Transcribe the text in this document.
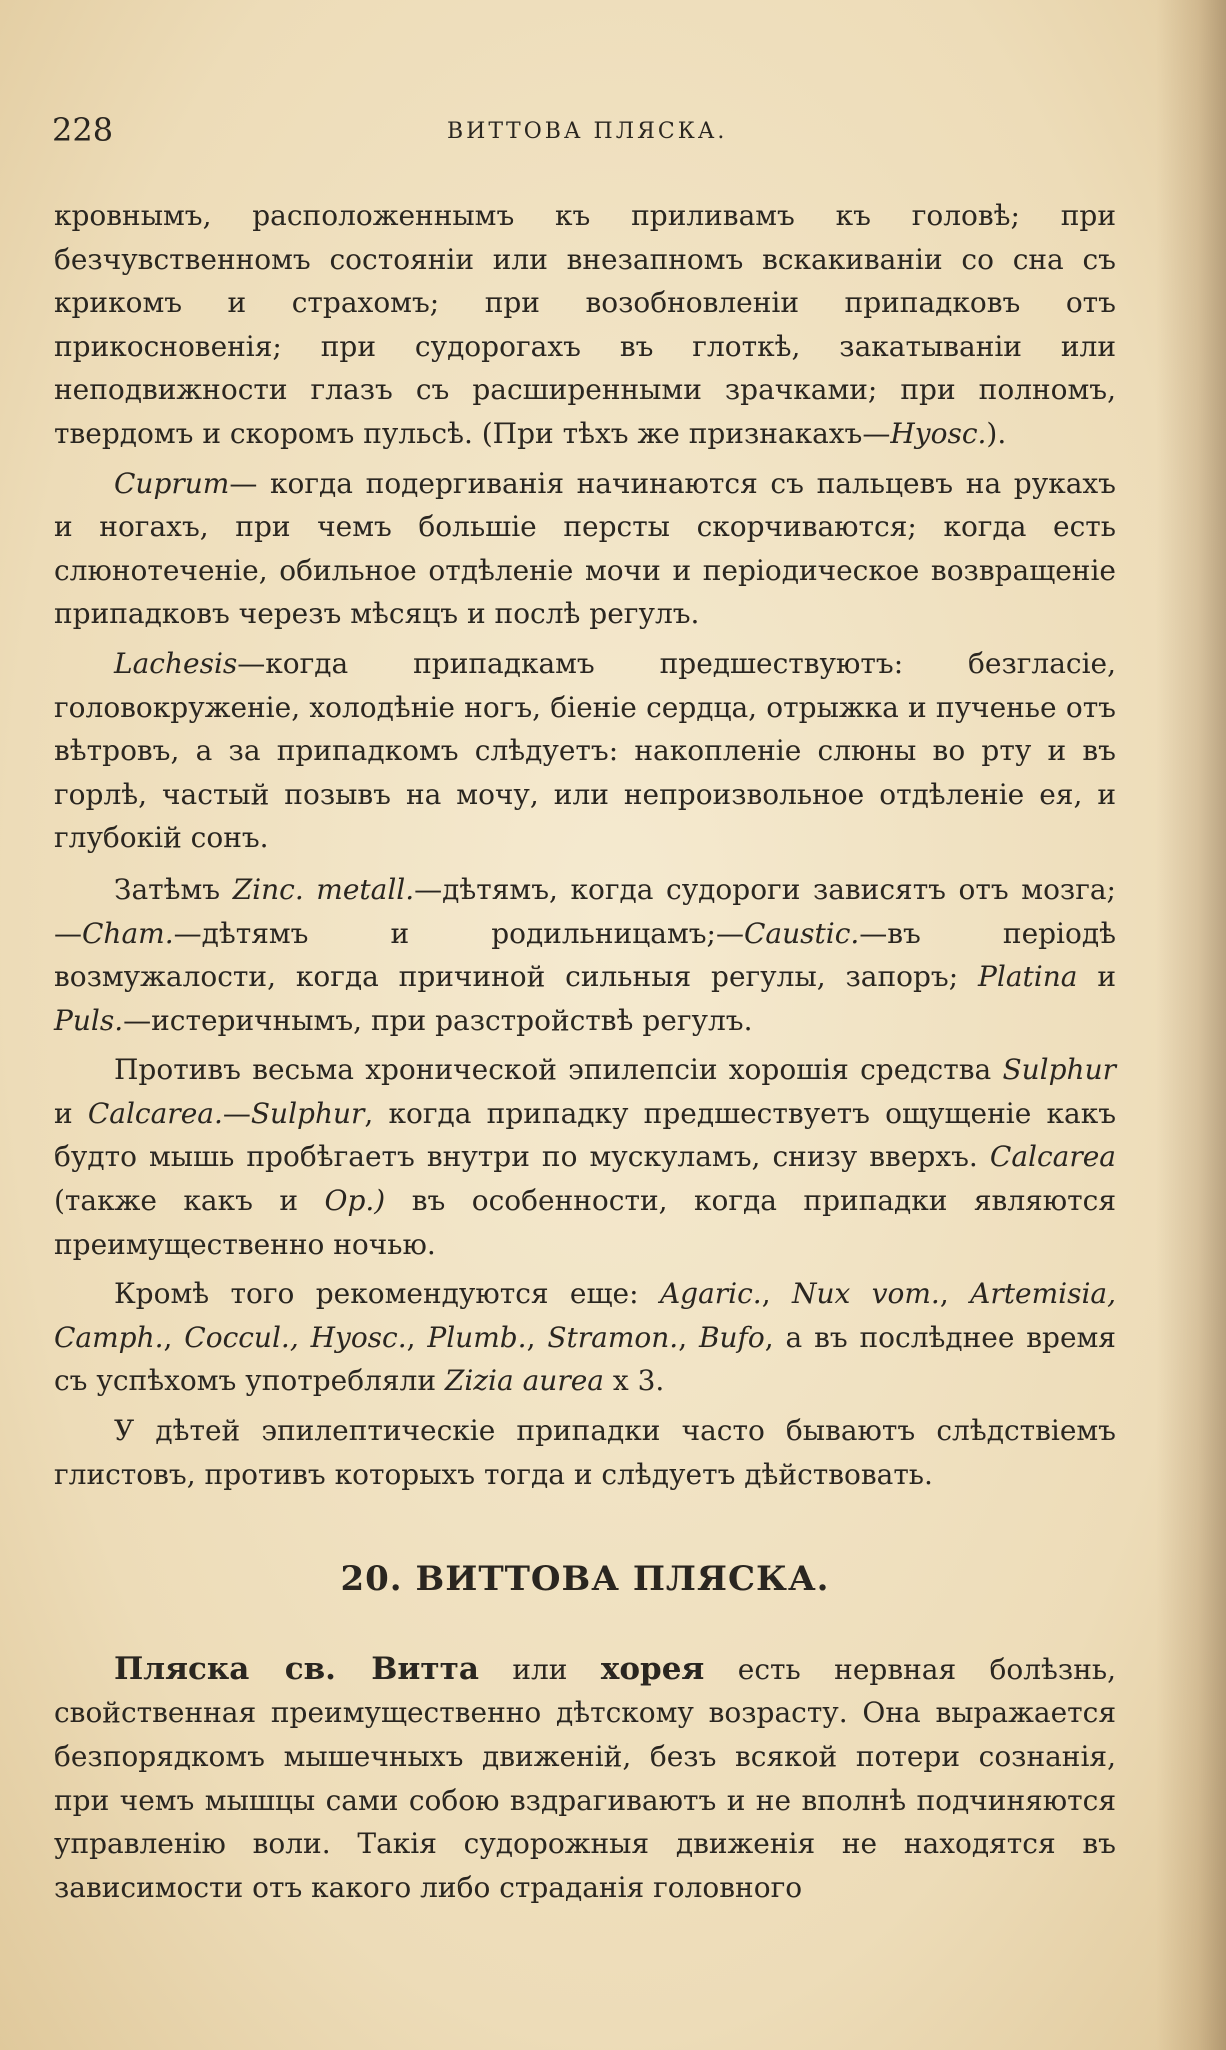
228	ВИТТОВА ПЛЯСКА.

кровнымъ, расположеннымъ къ приливамъ къ головѣ; при безчувственномъ состоянiи или внезапномъ вскакиванiи со сна съ крикомъ и страхомъ; при возобновленiи припадковъ отъ прикосновенiя; при судорогахъ въ глоткѣ, закатыванiи или неподвижности глазъ съ расширенными зрачками; при полномъ, твердомъ и скоромъ пульсѣ. (При тѣхъ же признакахъ—Hyosc.).

Cuprum— когда подергиванiя начинаются съ пальцевъ на рукахъ и ногахъ, при чемъ большiе персты скорчиваются; когда есть слюнотеченiе, обильное отдѣленiе мочи и перiодическое возвращенiе припадковъ черезъ мѣсяцъ и послѣ регулъ.

Lachesis—когда припадкамъ предшествуютъ: безгласiе, головокруженiе, холодѣнiе ногъ, бiенiе сердца, отрыжка и пученье отъ вѣтровъ, а за припадкомъ слѣдуетъ: накопленiе слюны во рту и въ горлѣ, частый позывъ на мочу, или непроизвольное отдѣленiе ея, и глубокiй сонъ.

Затѣмъ Zinc. metall.—дѣтямъ, когда судороги зависятъ отъ мозга;—Cham.—дѣтямъ и родильницамъ;—Caustic.—въ перiодѣ возмужалости, когда причиной сильныя регулы, запоръ; Platina и Puls.—истеричнымъ, при разстройствѣ регулъ.

Противъ весьма хронической эпилепсiи хорошiя средства Sulphur и Calcarea.—Sulphur, когда припадку предшествуетъ ощущенiе какъ будто мышь пробѣгаетъ внутри по мускуламъ, снизу вверхъ. Calcarea (также какъ и Op.) въ особенности, когда припадки являются преимущественно ночью.

Кромѣ того рекомендуются еще: Agaric., Nux vom., Artemisia, Camph., Coccul., Hyosc., Plumb., Stramon., Bufo, а въ послѣднее время съ успѣхомъ употребляли Zizia aurea x 3.

У дѣтей эпилептическiе припадки часто бываютъ слѣдствiемъ глистовъ, противъ которыхъ тогда и слѣдуетъ дѣйствовать.

20. ВИТТОВА ПЛЯСКА.

Пляска св. Витта или хорея есть нервная болѣзнь, свойственная преимущественно дѣтскому возрасту. Она выражается безпорядкомъ мышечныхъ движенiй, безъ всякой потери сознанiя, при чемъ мышцы сами собою вздрагиваютъ и не вполнѣ подчиняются управленiю воли. Такiя судорожныя движенiя не находятся въ зависимости отъ какого либо страданiя головного
